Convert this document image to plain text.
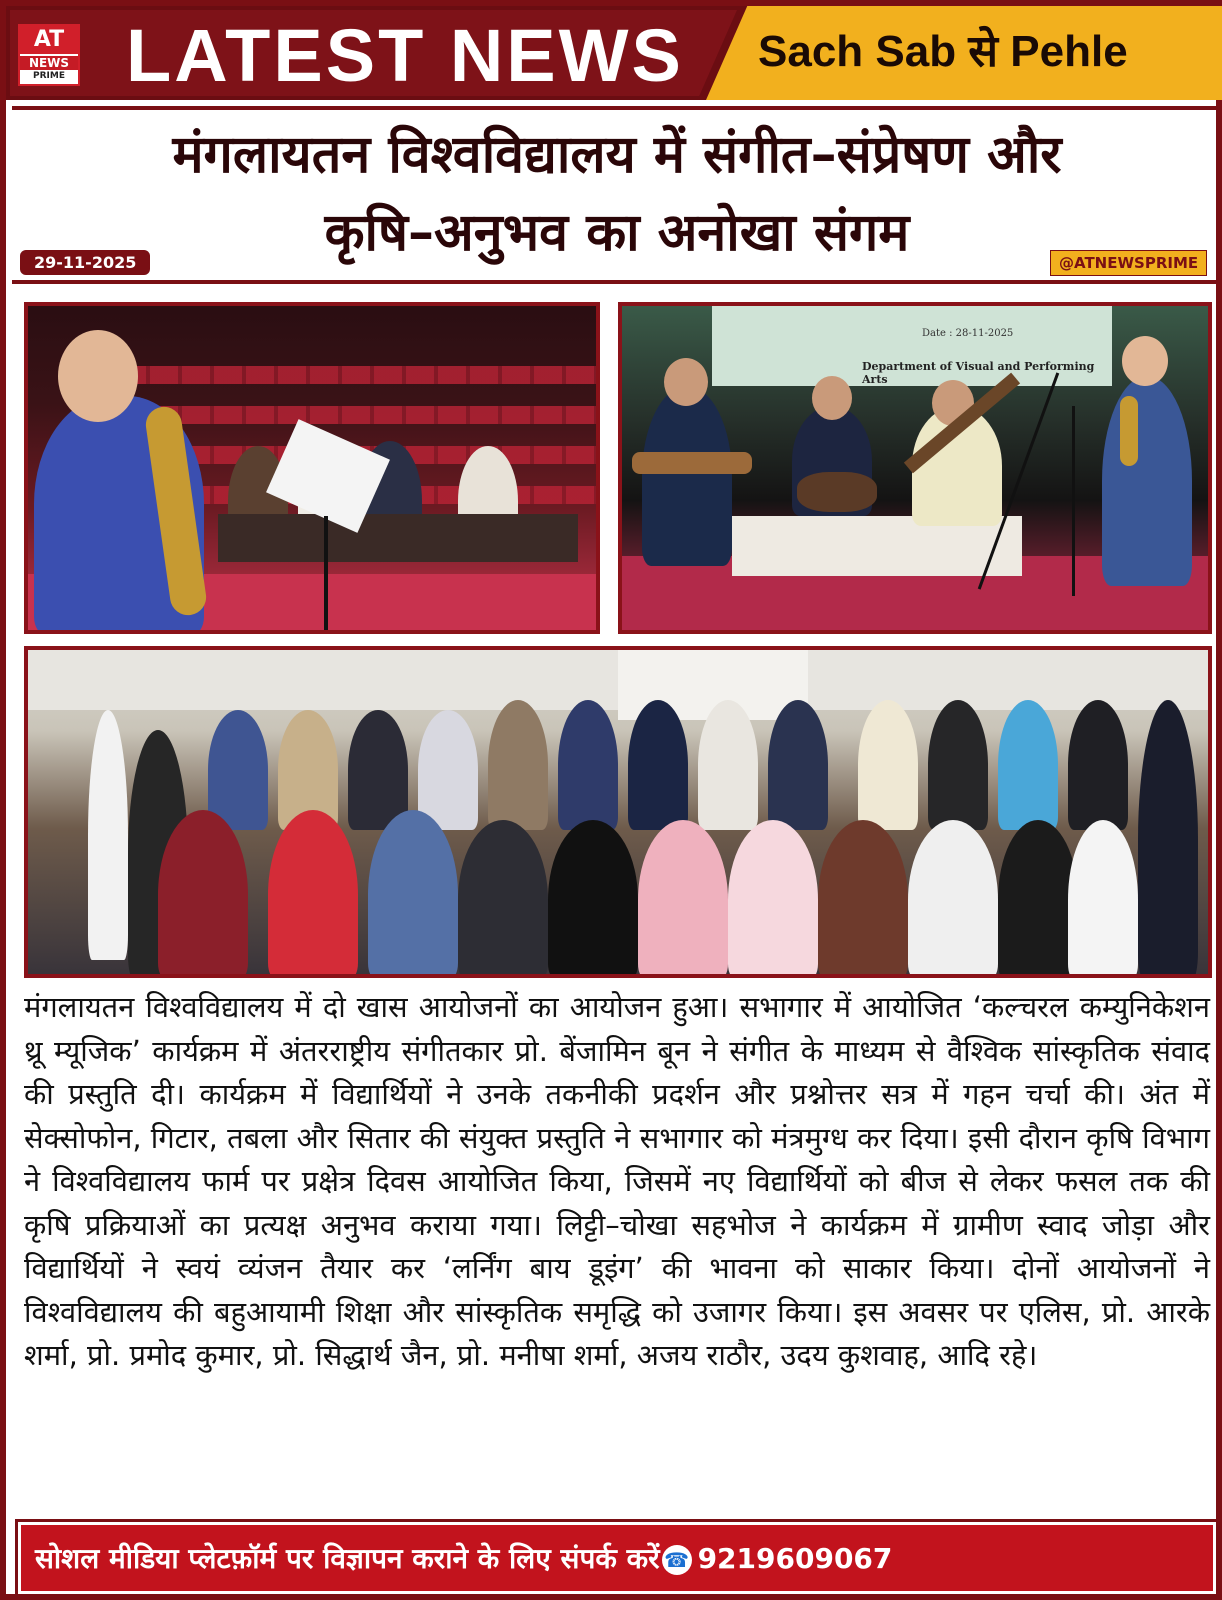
AT
NEWS
PRIME LATEST NEWS Sach Sab से Pehle
मंगलायतन विश्वविद्यालय में संगीत–संप्रेषण और
कृषि–अनुभव का अनोखा संगम
29-11-2025	@ATNEWSPRIME
Date : 28-11-2025
Department of Visual and Performing Arts
मंगलायतन विश्वविद्यालय में दो खास आयोजनों का आयोजन हुआ। सभागार में आयोजित ‘कल्चरल कम्युनिकेशन थ्रू म्यूजिक’ कार्यक्रम में अंतरराष्ट्रीय संगीतकार प्रो. बेंजामिन बून ने संगीत के माध्यम से वैश्विक सांस्कृतिक संवाद की प्रस्तुति दी। कार्यक्रम में विद्यार्थियों ने उनके तकनीकी प्रदर्शन और प्रश्नोत्तर सत्र में गहन चर्चा की। अंत में सेक्सोफोन, गिटार, तबला और सितार की संयुक्त प्रस्तुति ने सभागार को मंत्रमुग्ध कर दिया। इसी दौरान कृषि विभाग ने विश्वविद्यालय फार्म पर प्रक्षेत्र दिवस आयोजित किया, जिसमें नए विद्यार्थियों को बीज से लेकर फसल तक की कृषि प्रक्रियाओं का प्रत्यक्ष अनुभव कराया गया। लिट्टी–चोखा सहभोज ने कार्यक्रम में ग्रामीण स्वाद जोड़ा और विद्यार्थियों ने स्वयं व्यंजन तैयार कर ‘लर्निंग बाय डूइंग’ की भावना को साकार किया। दोनों आयोजनों ने विश्वविद्यालय की बहुआयामी शिक्षा और सांस्कृतिक समृद्धि को उजागर किया। इस अवसर पर एलिस, प्रो. आरके शर्मा, प्रो. प्रमोद कुमार, प्रो. सिद्धार्थ जैन, प्रो. मनीषा शर्मा, अजय राठौर, उदय कुशवाह, आदि रहे।
सोशल मीडिया प्लेटफ़ॉर्म पर विज्ञापन कराने के लिए संपर्क करें ☎ 9219609067
